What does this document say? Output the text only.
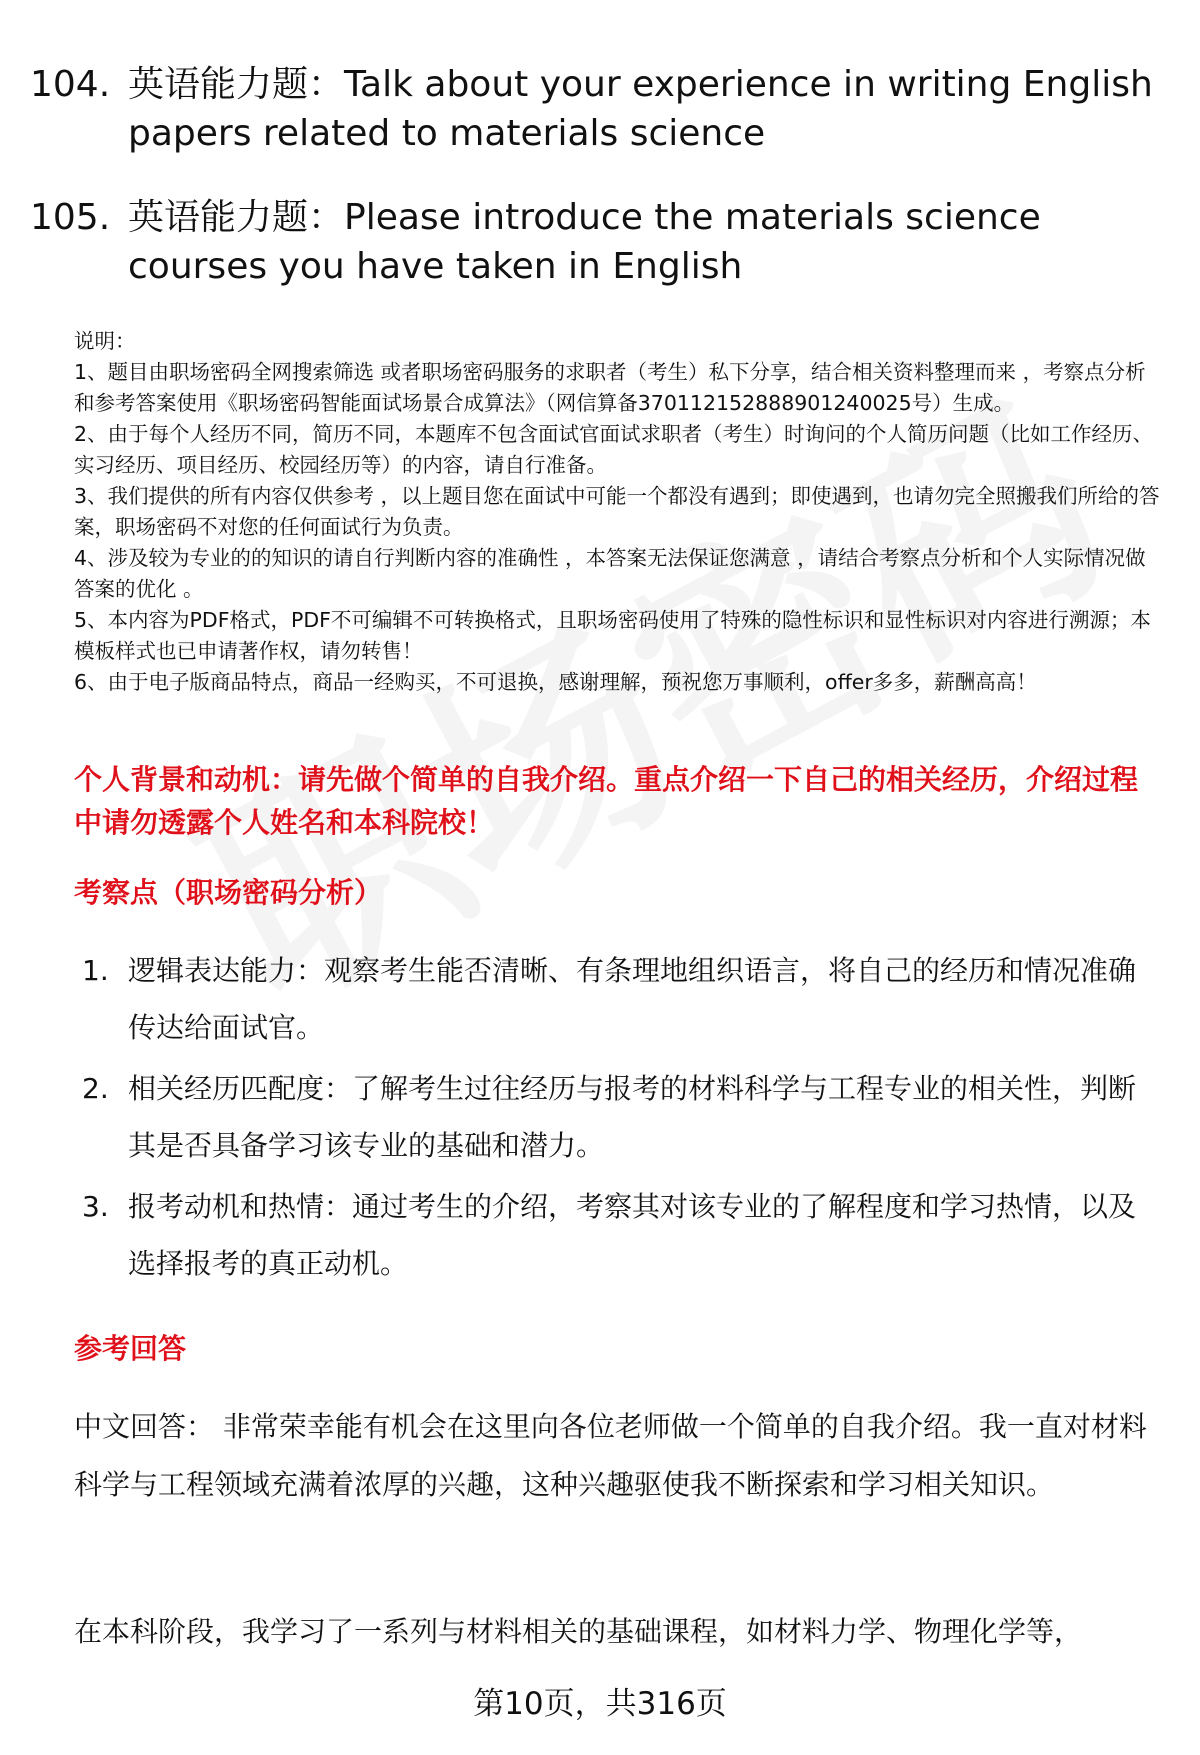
104. 英语能力题：Talk about your experience in writing English papers related to materials science
105. 英语能力题：Please introduce the materials science courses you have taken in English
说明：
1、题目由职场密码全网搜索筛选 或者职场密码服务的求职者（考生）私下分享，结合相关资料整理而来 ，考察点分析和参考答案使用《职场密码智能面试场景合成算法》（网信算备370112152888901240025号）生成。
2、由于每个人经历不同，简历不同，本题库不包含面试官面试求职者（考生）时询问的个人简历问题（比如工作经历、实习经历、项目经历、校园经历等）的内容，请自行准备。
3、我们提供的所有内容仅供参考 ，以上题目您在面试中可能一个都没有遇到；即使遇到，也请勿完全照搬我们所给的答案，职场密码不对您的任何面试行为负责。
4、涉及较为专业的的知识的请自行判断内容的准确性 ，本答案无法保证您满意 ，请结合考察点分析和个人实际情况做答案的优化 。
5、本内容为PDF格式，PDF不可编辑不可转换格式，且职场密码使用了特殊的隐性标识和显性标识对内容进行溯源；本模板样式也已申请著作权，请勿转售！
6、由于电子版商品特点，商品一经购买，不可退换，感谢理解，预祝您万事顺利，offer多多，薪酬高高！
个人背景和动机：请先做个简单的自我介绍。重点介绍一下自己的相关经历，介绍过程中请勿透露个人姓名和本科院校！
考察点（职场密码分析）
1. 逻辑表达能力：观察考生能否清晰、有条理地组织语言，将自己的经历和情况准确传达给面试官。
2. 相关经历匹配度：了解考生过往经历与报考的材料科学与工程专业的相关性，判断其是否具备学习该专业的基础和潜力。
3. 报考动机和热情：通过考生的介绍，考察其对该专业的了解程度和学习热情，以及选择报考的真正动机。
参考回答
中文回答： 非常荣幸能有机会在这里向各位老师做一个简单的自我介绍。我一直对材料科学与工程领域充满着浓厚的兴趣，这种兴趣驱使我不断探索和学习相关知识。
在本科阶段，我学习了一系列与材料相关的基础课程，如材料力学、物理化学等，
第10页，共316页
